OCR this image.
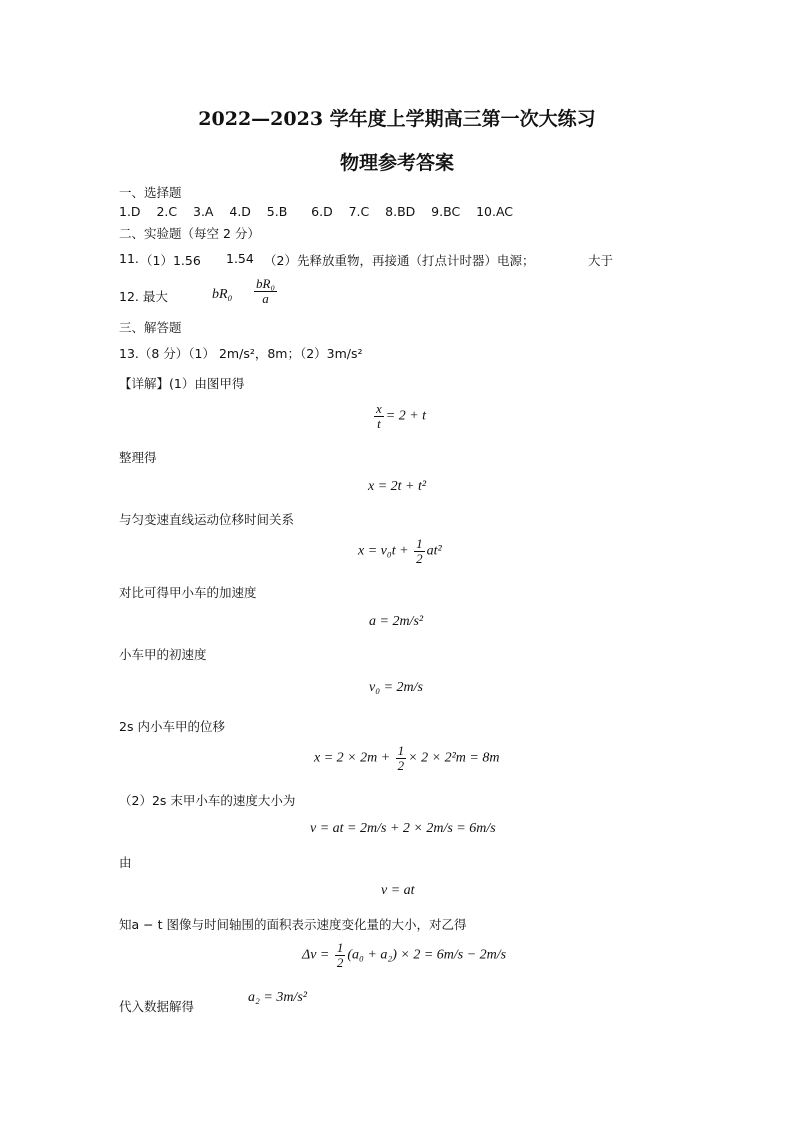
2022—2023 学年度上学期高三第一次大练习
物理参考答案
一、选择题
1.D    2.C    3.A    4.D    5.B      6.D    7.C    8.BD    9.BC    10.AC
二、实验题（每空 2 分）
11. （1）1.56 1.54 （2）先释放重物，再接通（打点计时器）电源；	大于
12. 最大	$bR_0 \frac{\text{bR₀}}{a}$
三、解答题
13.（8 分）（1） 2m/s²，8m；（2）3m/s²
【详解】(1）由图甲得
$\frac{x}{t} = 2 + t$
整理得
x = 2t + t²
与匀变速直线运动位移时间关系
$x = v_0t + \frac{1}{2} at^2$
对比可得甲小车的加速度
a = 2m/s²
小车甲的初速度
v₀ = 2m/s
2s 内小车甲的位移
$x = 2 \times 2m + \frac{1}{2} \times 2 \times 2^2m = 8m$
（2）2s 末甲小车的速度大小为
v = at = 2m/s + 2 × 2m/s = 6m/s
由
v = at
知a − t 图像与时间轴围的面积表示速度变化量的大小，对乙得
$\Delta v = \frac{1}{2} (a_0 + a_2) \times 2 = 6m/s - 2m/s$
代入数据解得
a₂ = 3m/s²
